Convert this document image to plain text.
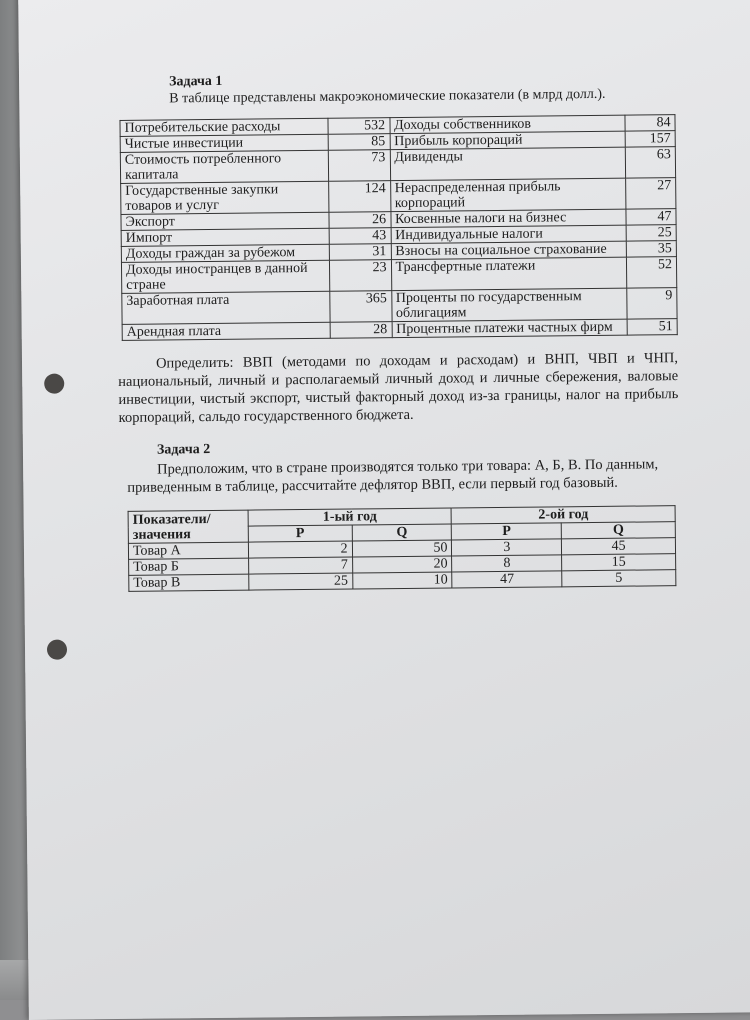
Задача 1
В таблице представлены макроэкономические показатели (в млрд долл.).
Потребительские расходы	532	Доходы собственников	84
Чистые инвестиции	85	Прибыль корпораций	157
Стоимость потребленного капитала	73	Дивиденды	63
Государственные закупки товаров и услуг	124	Нераспределенная прибыль корпораций	27
Экспорт	26	Косвенные налоги на бизнес	47
Импорт	43	Индивидуальные налоги	25
Доходы граждан за рубежом	31	Взносы на социальное страхование	35
Доходы иностранцев в данной стране	23	Трансфертные платежи	52
Заработная плата	365	Проценты по государственным облигациям	9
Арендная плата	28	Процентные платежи частных фирм	51
Определить: ВВП (методами по доходам и расходам) и ВНП, ЧВП и ЧНП, национальный, личный и располагаемый личный доход и личные сбережения, валовые инвестиции, чистый экспорт, чистый факторный доход из-за границы, налог на прибыль корпораций, сальдо государственного бюджета.
Задача 2
Предположим, что в стране производятся только три товара: А, Б, В. По данным, приведенным в таблице, рассчитайте дефлятор ВВП, если первый год базовый.
Показатели/ значения	1-ый год		2-ой год	
	P	Q	P	Q
Товар А	2	50	3	45
Товар Б	7	20	8	15
Товар В	25	10	47	5
